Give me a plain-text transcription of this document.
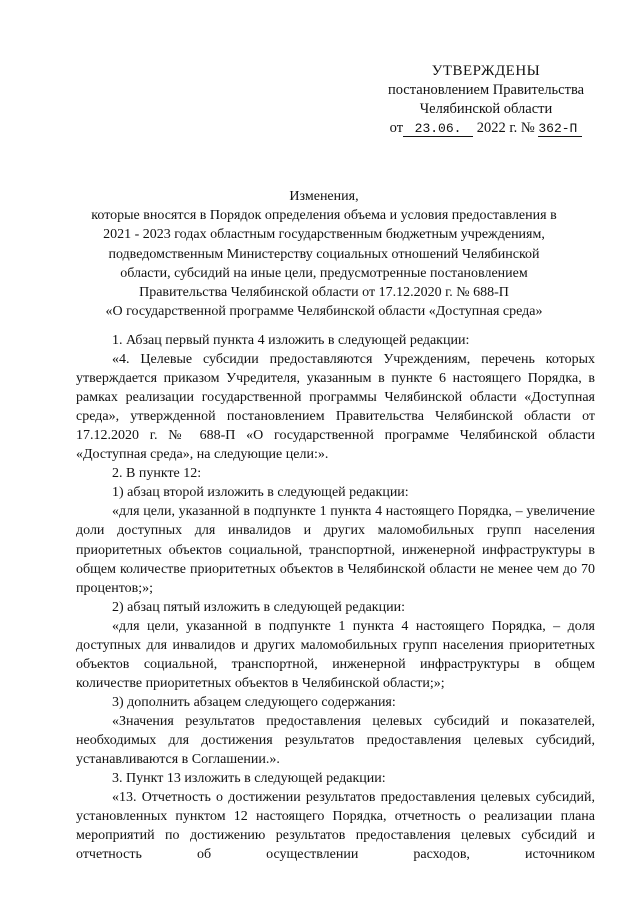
УТВЕРЖДЕНЫ
постановлением Правительства
Челябинской области
от 23.06. 2022 г. № 362-П
Изменения,
которые вносятся в Порядок определения объема и условия предоставления в
2021 - 2023 годах областным государственным бюджетным учреждениям,
подведомственным Министерству социальных отношений Челябинской
области, субсидий на иные цели, предусмотренные постановлением
Правительства Челябинской области от 17.12.2020 г. № 688-П
«О государственной программе Челябинской области «Доступная среда»

1. Абзац первый пункта 4 изложить в следующей редакции:

«4. Целевые субсидии предоставляются Учреждениям, перечень которых утверждается приказом Учредителя, указанным в пункте 6 настоящего Порядка, в рамках реализации государственной программы Челябинской области «Доступная среда», утвержденной постановлением Правительства Челябинской области от 17.12.2020 г. № 688-П «О государственной программе Челябинской области «Доступная среда», на следующие цели:».

2. В пункте 12:

1) абзац второй изложить в следующей редакции:

«для цели, указанной в подпункте 1 пункта 4 настоящего Порядка, – увеличение доли доступных для инвалидов и других маломобильных групп населения приоритетных объектов социальной, транспортной, инженерной инфраструктуры в общем количестве приоритетных объектов в Челябинской области не менее чем до 70 процентов;»;

2) абзац пятый изложить в следующей редакции:

«для цели, указанной в подпункте 1 пункта 4 настоящего Порядка, – доля доступных для инвалидов и других маломобильных групп населения приоритетных объектов социальной, транспортной, инженерной инфраструктуры в общем количестве приоритетных объектов в Челябинской области;»;

3) дополнить абзацем следующего содержания:

«Значения результатов предоставления целевых субсидий и показателей, необходимых для достижения результатов предоставления целевых субсидий, устанавливаются в Соглашении.».

3. Пункт 13 изложить в следующей редакции:

«13. Отчетность о достижении результатов предоставления целевых субсидий, установленных пунктом 12 настоящего Порядка, отчетность о реализации плана мероприятий по достижению результатов предоставления целевых субсидий и отчетность об осуществлении расходов, источником
